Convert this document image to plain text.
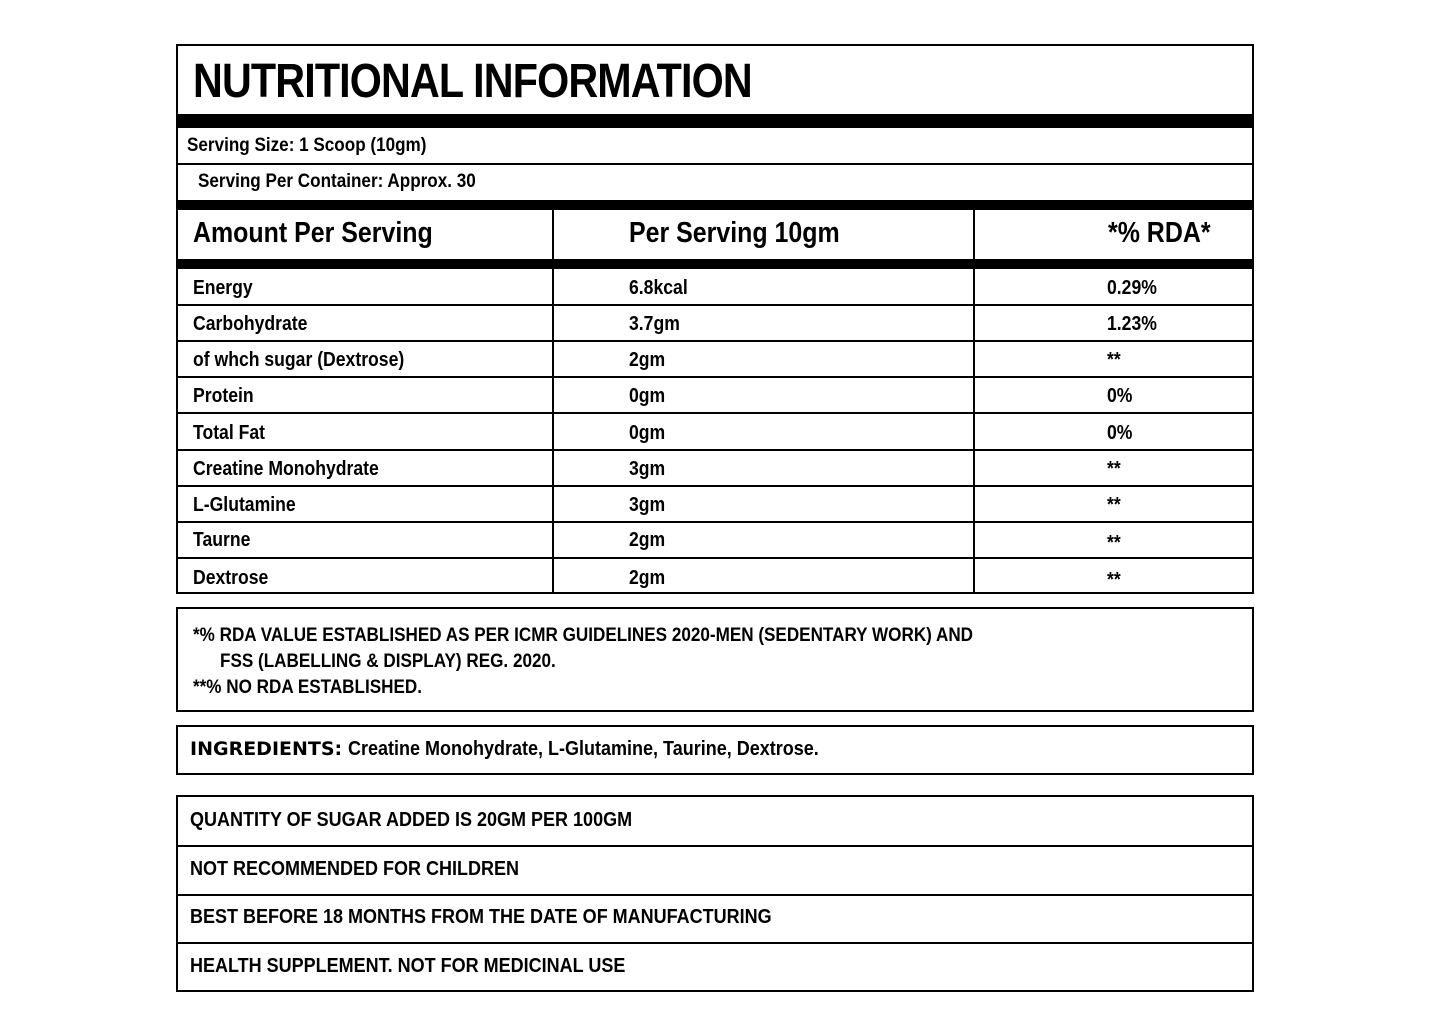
NUTRITIONAL INFORMATION
Serving Size: 1 Scoop (10gm)
Serving Per Container: Approx. 30
Amount Per Serving	Per Serving 10gm	*% RDA*
Energy	6.8kcal	0.29%
Carbohydrate	3.7gm	1.23%
of whch sugar (Dextrose)	2gm	**
Protein	0gm	0%
Total Fat	0gm	0%
Creatine Monohydrate	3gm	**
L-Glutamine	3gm	**
Taurne	2gm	**
Dextrose	2gm	**
*% RDA VALUE ESTABLISHED AS PER ICMR GUIDELINES 2020-MEN (SEDENTARY WORK) AND
FSS (LABELLING & DISPLAY) REG. 2020.
**% NO RDA ESTABLISHED.
INGREDIENTS: Creatine Monohydrate, L-Glutamine, Taurine, Dextrose.
QUANTITY OF SUGAR ADDED IS 20GM PER 100GM
NOT RECOMMENDED FOR CHILDREN
BEST BEFORE 18 MONTHS FROM THE DATE OF MANUFACTURING
HEALTH SUPPLEMENT. NOT FOR MEDICINAL USE
